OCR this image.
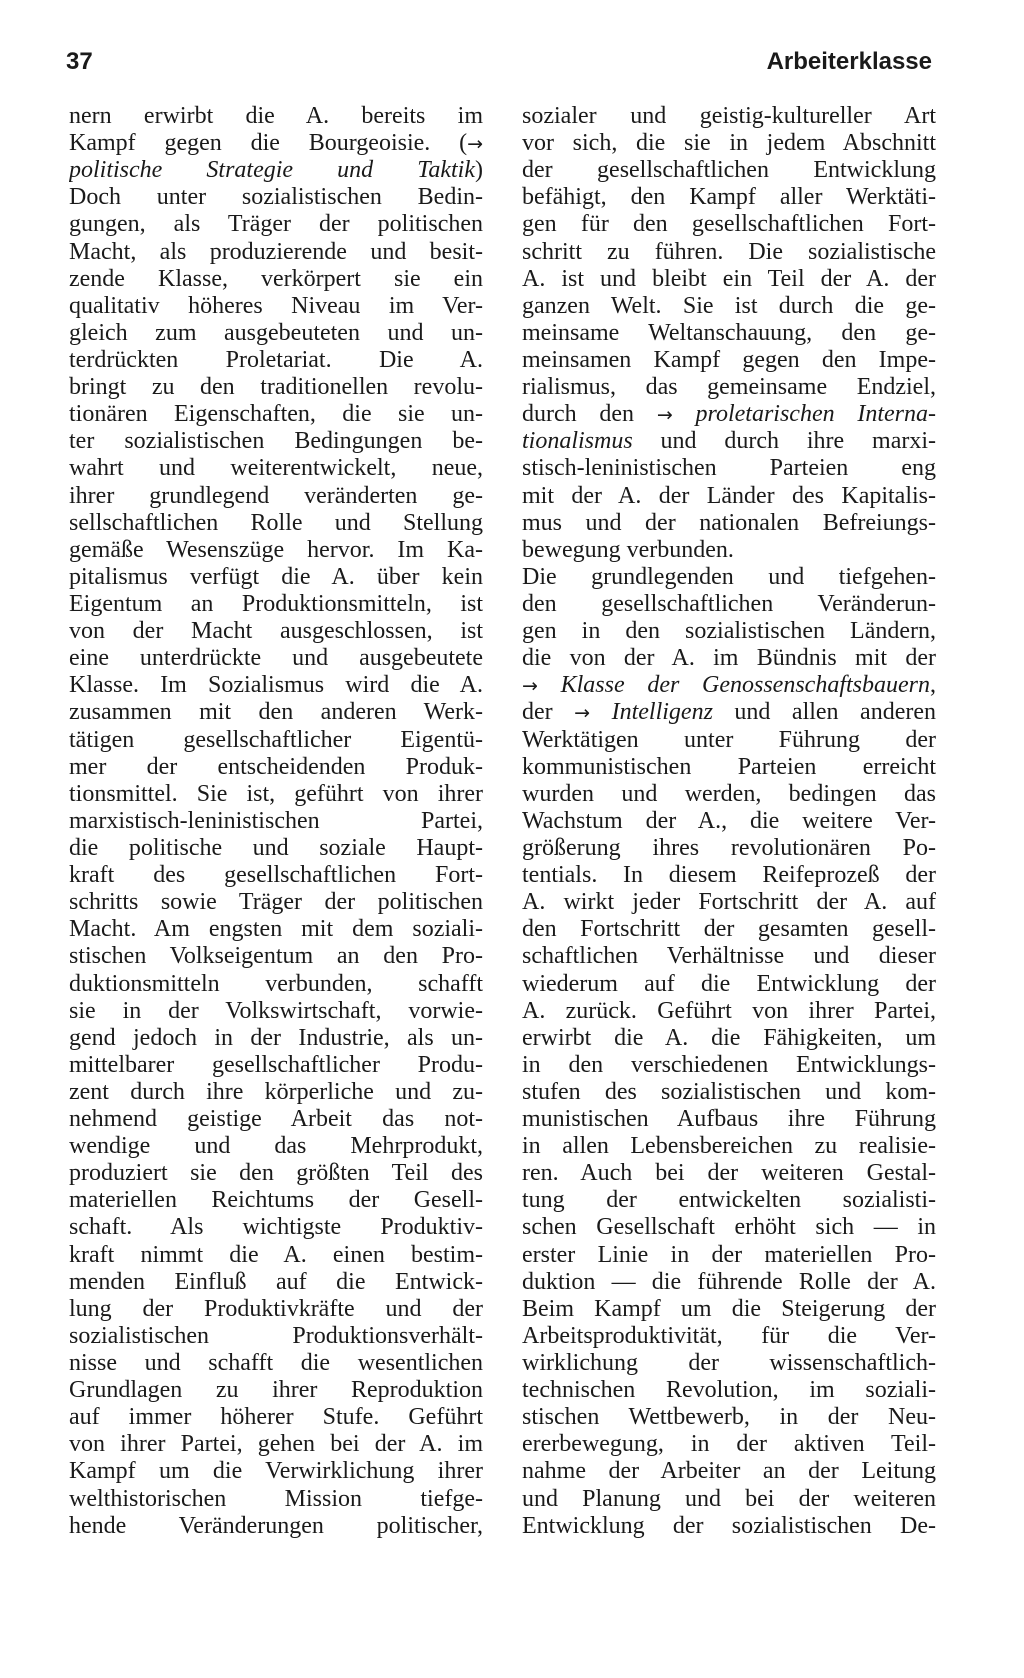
37	Arbeiterklasse
nern erwirbt die A. bereits im
Kampf gegen die Bourgeoisie. (→
politische Strategie und Taktik)
Doch unter sozialistischen Bedin-
gungen, als Träger der politischen
Macht, als produzierende und besit-
zende Klasse, verkörpert sie ein
qualitativ höheres Niveau im Ver-
gleich zum ausgebeuteten und un-
terdrückten Proletariat. Die A.
bringt zu den traditionellen revolu-
tionären Eigenschaften, die sie un-
ter sozialistischen Bedingungen be-
wahrt und weiterentwickelt, neue,
ihrer grundlegend veränderten ge-
sellschaftlichen Rolle und Stellung
gemäße Wesenszüge hervor. Im Ka-
pitalismus verfügt die A. über kein
Eigentum an Produktionsmitteln, ist
von der Macht ausgeschlossen, ist
eine unterdrückte und ausgebeutete
Klasse. Im Sozialismus wird die A.
zusammen mit den anderen Werk-
tätigen gesellschaftlicher Eigentü-
mer der entscheidenden Produk-
tionsmittel. Sie ist, geführt von ihrer
marxistisch-leninistischen Partei,
die politische und soziale Haupt-
kraft des gesellschaftlichen Fort-
schritts sowie Träger der politischen
Macht. Am engsten mit dem soziali-
stischen Volkseigentum an den Pro-
duktionsmitteln verbunden, schafft
sie in der Volkswirtschaft, vorwie-
gend jedoch in der Industrie, als un-
mittelbarer gesellschaftlicher Produ-
zent durch ihre körperliche und zu-
nehmend geistige Arbeit das not-
wendige und das Mehrprodukt,
produziert sie den größten Teil des
materiellen Reichtums der Gesell-
schaft. Als wichtigste Produktiv-
kraft nimmt die A. einen bestim-
menden Einfluß auf die Entwick-
lung der Produktivkräfte und der
sozialistischen Produktionsverhält-
nisse und schafft die wesentlichen
Grundlagen zu ihrer Reproduktion
auf immer höherer Stufe. Geführt
von ihrer Partei, gehen bei der A. im
Kampf um die Verwirklichung ihrer
welthistorischen Mission tiefge-
hende Veränderungen politischer,
sozialer und geistig-kultureller Art
vor sich, die sie in jedem Abschnitt
der gesellschaftlichen Entwicklung
befähigt, den Kampf aller Werktäti-
gen für den gesellschaftlichen Fort-
schritt zu führen. Die sozialistische
A. ist und bleibt ein Teil der A. der
ganzen Welt. Sie ist durch die ge-
meinsame Weltanschauung, den ge-
meinsamen Kampf gegen den Impe-
rialismus, das gemeinsame Endziel,
durch den → proletarischen Interna-
tionalismus und durch ihre marxi-
stisch-leninistischen Parteien eng
mit der A. der Länder des Kapitalis-
mus und der nationalen Befreiungs-
bewegung verbunden.
Die grundlegenden und tiefgehen-
den gesellschaftlichen Veränderun-
gen in den sozialistischen Ländern,
die von der A. im Bündnis mit der
→ Klasse der Genossenschaftsbauern,
der → Intelligenz und allen anderen
Werktätigen unter Führung der
kommunistischen Parteien erreicht
wurden und werden, bedingen das
Wachstum der A., die weitere Ver-
größerung ihres revolutionären Po-
tentials. In diesem Reifeprozeß der
A. wirkt jeder Fortschritt der A. auf
den Fortschritt der gesamten gesell-
schaftlichen Verhältnisse und dieser
wiederum auf die Entwicklung der
A. zurück. Geführt von ihrer Partei,
erwirbt die A. die Fähigkeiten, um
in den verschiedenen Entwicklungs-
stufen des sozialistischen und kom-
munistischen Aufbaus ihre Führung
in allen Lebensbereichen zu realisie-
ren. Auch bei der weiteren Gestal-
tung der entwickelten sozialisti-
schen Gesellschaft erhöht sich — in
erster Linie in der materiellen Pro-
duktion — die führende Rolle der A.
Beim Kampf um die Steigerung der
Arbeitsproduktivität, für die Ver-
wirklichung der wissenschaftlich-
technischen Revolution, im soziali-
stischen Wettbewerb, in der Neu-
ererbewegung, in der aktiven Teil-
nahme der Arbeiter an der Leitung
und Planung und bei der weiteren
Entwicklung der sozialistischen De-
